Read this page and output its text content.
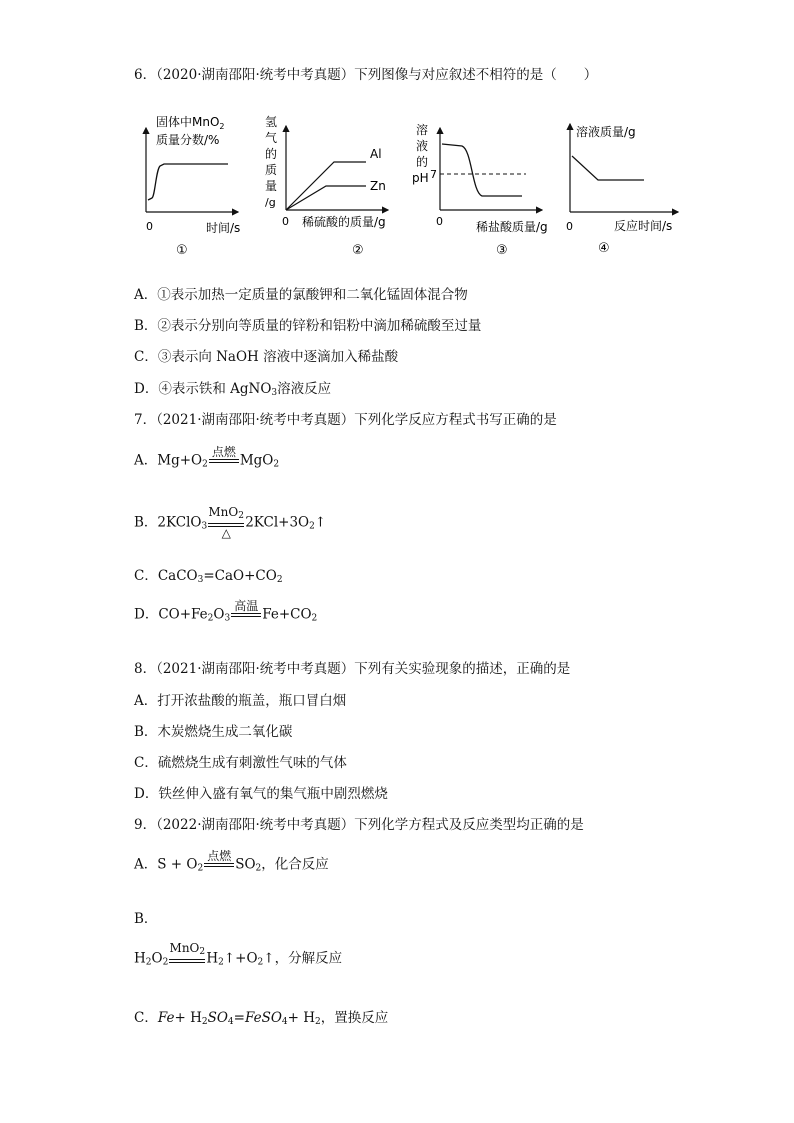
6．（2020·湖南邵阳·统考中考真题）下列图像与对应叙述不相符的是（　　）
固体中MnO$_2$
质量分数/%
0	时间/s
①
氢
气
的
质
量
/g
Al
Zn
0 稀硫酸的质量/g
②
溶
液
的
pH 7
0	稀盐酸质量/g
③
溶液质量/g
0	反应时间/s
④
A．①表示加热一定质量的氯酸钾和二氧化锰固体混合物
B．②表示分别向等质量的锌粉和铝粉中滴加稀硫酸至过量
C．③表示向 NaOH 溶液中逐滴加入稀盐酸
D．④表示铁和 AgNO$_3$溶液反应
7．（2021·湖南邵阳·统考中考真题）下列化学反应方程式书写正确的是
A．$Mg+O_2$
点燃

MgO$_2$
B．2KClO$_3$
MnO$_2$
△
$2KCl+3O_2↑$
C．$CaCO_3=CaO+CO_2$
D．$CO+Fe_2O_3$
高温

$Fe+CO_2$
8．（2021·湖南邵阳·统考中考真题）下列有关实验现象的描述，正确的是
A．打开浓盐酸的瓶盖，瓶口冒白烟
B．木炭燃烧生成二氧化碳
C．硫燃烧生成有刺激性气味的气体
D．铁丝伸入盛有氧气的集气瓶中剧烈燃烧
9．（2022·湖南邵阳·统考中考真题）下列化学方程式及反应类型均正确的是
A．$S + O_2$
点燃

$SO_2$，化合反应
B．
$H_2O_2$
MnO$_2$
$H_2↑+O_2↑$，分解反应
C．$Fe+ H_2SO_4=FeSO_4+ H_2$，置换反应
